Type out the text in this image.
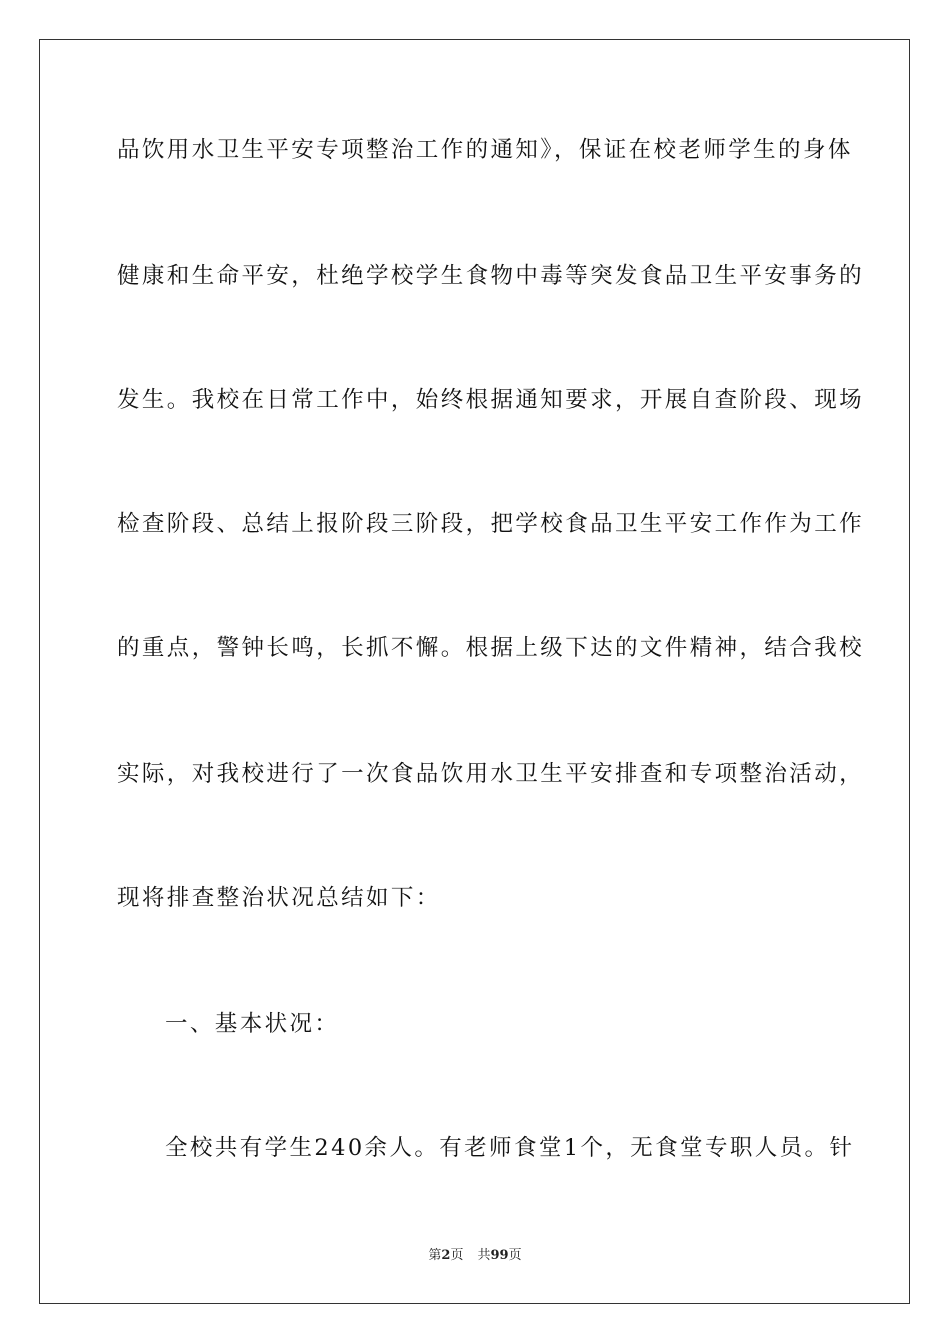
品饮用水卫生平安专项整治工作的通知》，保证在校老师学生的身体
健康和生命平安，杜绝学校学生食物中毒等突发食品卫生平安事务的
发生。我校在日常工作中，始终根据通知要求，开展自查阶段、现场
检查阶段、总结上报阶段三阶段，把学校食品卫生平安工作作为工作
的重点，警钟长鸣，长抓不懈。根据上级下达的文件精神，结合我校
实际，对我校进行了一次食品饮用水卫生平安排查和专项整治活动，
现将排查整治状况总结如下：
一、基本状况：
全校共有学生240余人。有老师食堂1个，无食堂专职人员。针
第2页 共99页
